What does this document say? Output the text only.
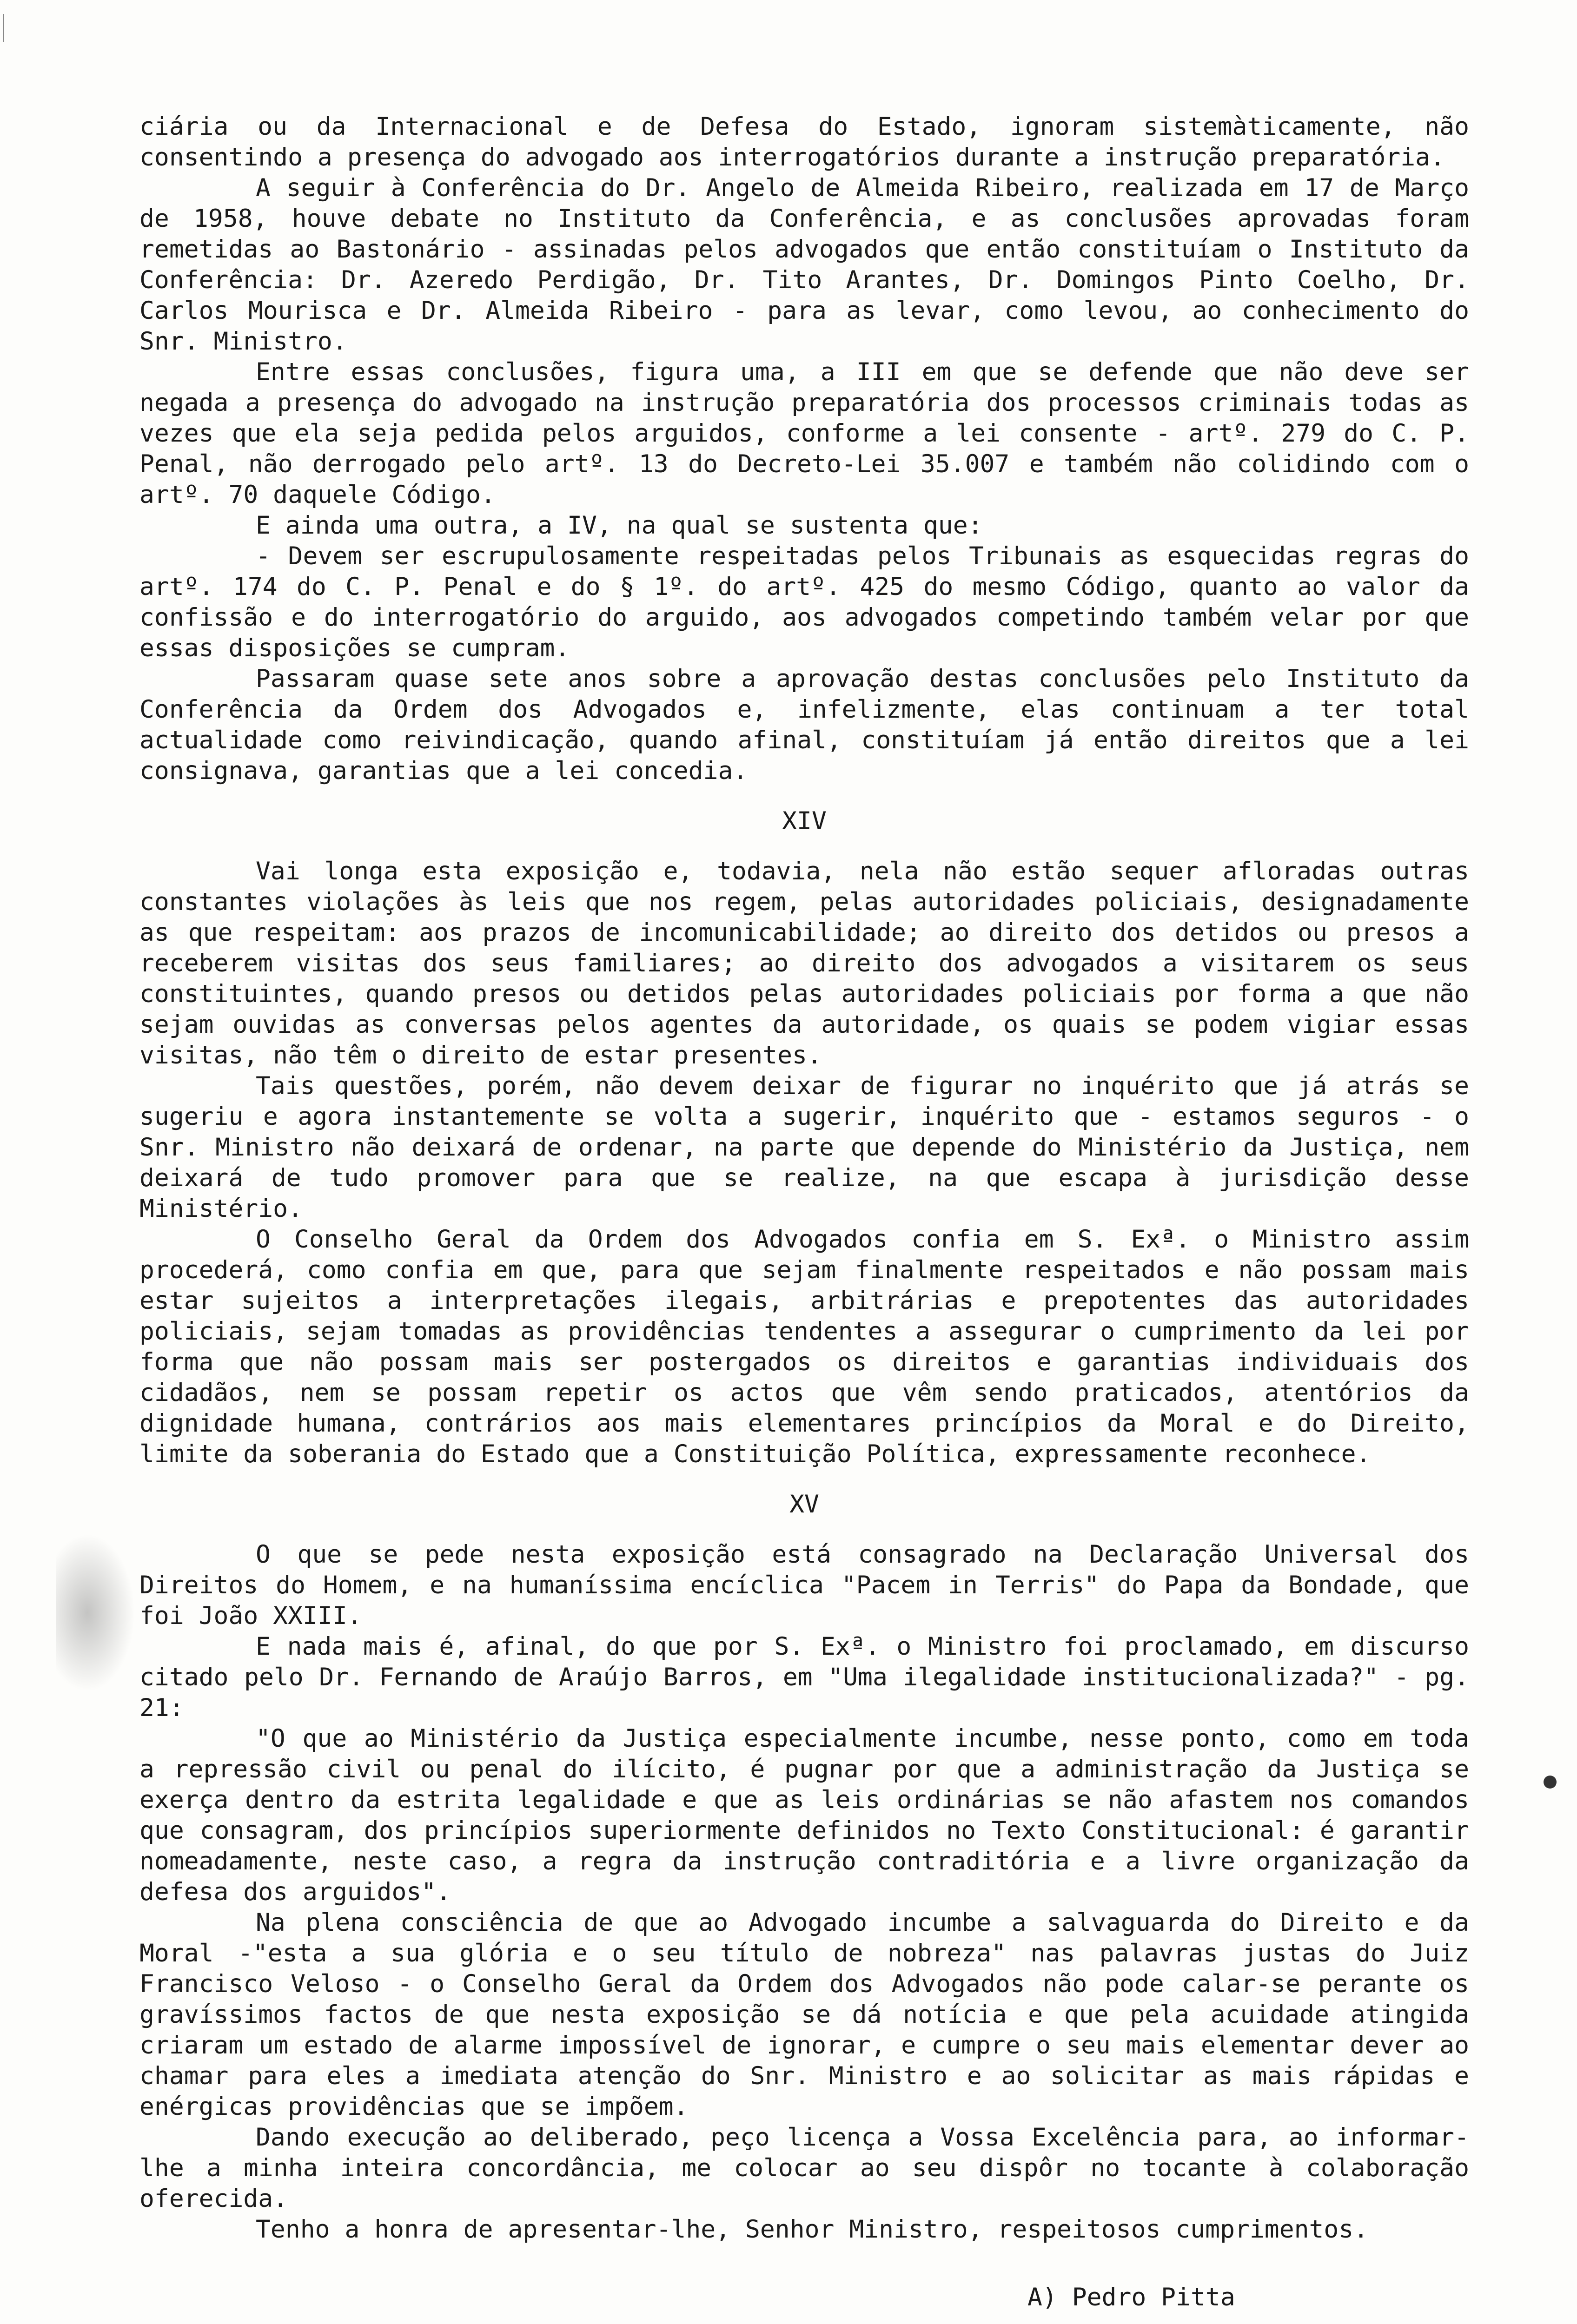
ciária ou da Internacional e de Defesa do Estado, ignoram sistemàticamente, não consentindo a presença do advogado aos interrogatórios durante a instrução preparatória.

A seguir à Conferência do Dr. Angelo de Almeida Ribeiro, realizada em 17 de Março de 1958, houve debate no Instituto da Conferência, e as conclusões aprovadas foram remetidas ao Bastonário - assinadas pelos advogados que então constituíam o Instituto da Conferência: Dr. Azeredo Perdigão, Dr. Tito Arantes, Dr. Domingos Pinto Coelho, Dr. Carlos Mourisca e Dr. Almeida Ribeiro - para as levar, como levou, ao conhecimento do Snr. Ministro.

Entre essas conclusões, figura uma, a III em que se defende que não deve ser negada a presença do advogado na instrução preparatória dos processos criminais todas as vezes que ela seja pedida pelos arguidos, conforme a lei consente - artº. 279 do C. P. Penal, não derrogado pelo artº. 13 do Decreto-Lei 35.007 e também não colidindo com o artº. 70 daquele Código.

E ainda uma outra, a IV, na qual se sustenta que:

- Devem ser escrupulosamente respeitadas pelos Tribunais as esquecidas regras do artº. 174 do C. P. Penal e do § 1º. do artº. 425 do mesmo Código, quanto ao valor da confissão e do interrogatório do arguido, aos advogados competindo também velar por que essas disposições se cumpram.

Passaram quase sete anos sobre a aprovação destas conclusões pelo Instituto da Conferência da Ordem dos Advogados e, infelizmente, elas continuam a ter total actualidade como reivindicação, quando afinal, constituíam já então direitos que a lei consignava, garantias que a lei concedia.

XIV

Vai longa esta exposição e, todavia, nela não estão sequer afloradas outras constantes violações às leis que nos regem, pelas autoridades policiais, designadamente as que respeitam: aos prazos de incomunicabilidade; ao direito dos detidos ou presos a receberem visitas dos seus familiares; ao direito dos advogados a visitarem os seus constituintes, quando presos ou detidos pelas autoridades policiais por forma a que não sejam ouvidas as conversas pelos agentes da autoridade, os quais se podem vigiar essas visitas, não têm o direito de estar presentes.

Tais questões, porém, não devem deixar de figurar no inquérito que já atrás se sugeriu e agora instantemente se volta a sugerir, inquérito que - estamos seguros - o Snr. Ministro não deixará de ordenar, na parte que depende do Ministério da Justiça, nem deixará de tudo promover para que se realize, na que escapa à jurisdição desse Ministério.

O Conselho Geral da Ordem dos Advogados confia em S. Exª. o Ministro assim procederá, como confia em que, para que sejam finalmente respeitados e não possam mais estar sujeitos a interpretações ilegais, arbitrárias e prepotentes das autoridades policiais, sejam tomadas as providências tendentes a assegurar o cumprimento da lei por forma que não possam mais ser postergados os direitos e garantias individuais dos cidadãos, nem se possam repetir os actos que vêm sendo praticados, atentórios da dignidade humana, contrários aos mais elementares princípios da Moral e do Direito, limite da soberania do Estado que a Constituição Política, expressamente reconhece.

XV

O que se pede nesta exposição está consagrado na Declaração Universal dos Direitos do Homem, e na humaníssima encíclica "Pacem in Terris" do Papa da Bondade, que foi João XXIII.

E nada mais é, afinal, do que por S. Exª. o Ministro foi proclamado, em discurso citado pelo Dr. Fernando de Araújo Barros, em "Uma ilegalidade institucionalizada?" - pg. 21:

"O que ao Ministério da Justiça especialmente incumbe, nesse ponto, como em toda a repressão civil ou penal do ilícito, é pugnar por que a administração da Justiça se exerça dentro da estrita legalidade e que as leis ordinárias se não afastem nos comandos que consagram, dos princípios superiormente definidos no Texto Constitucional: é garantir nomeadamente, neste caso, a regra da instrução contraditória e a livre organização da defesa dos arguidos".

Na plena consciência de que ao Advogado incumbe a salvaguarda do Direito e da Moral -"esta a sua glória e o seu título de nobreza" nas palavras justas do Juiz Francisco Veloso - o Conselho Geral da Ordem dos Advogados não pode calar-se perante os gravíssimos factos de que nesta exposição se dá notícia e que pela acuidade atingida criaram um estado de alarme impossível de ignorar, e cumpre o seu mais elementar dever ao chamar para eles a imediata atenção do Snr. Ministro e ao solicitar as mais rápidas e enérgicas providências que se impõem.

Dando execução ao deliberado, peço licença a Vossa Excelência para, ao informar-lhe a minha inteira concordância, me colocar ao seu dispôr no tocante à colaboração oferecida.

Tenho a honra de apresentar-lhe, Senhor Ministro, respeitosos cumprimentos.

A) Pedro Pitta
